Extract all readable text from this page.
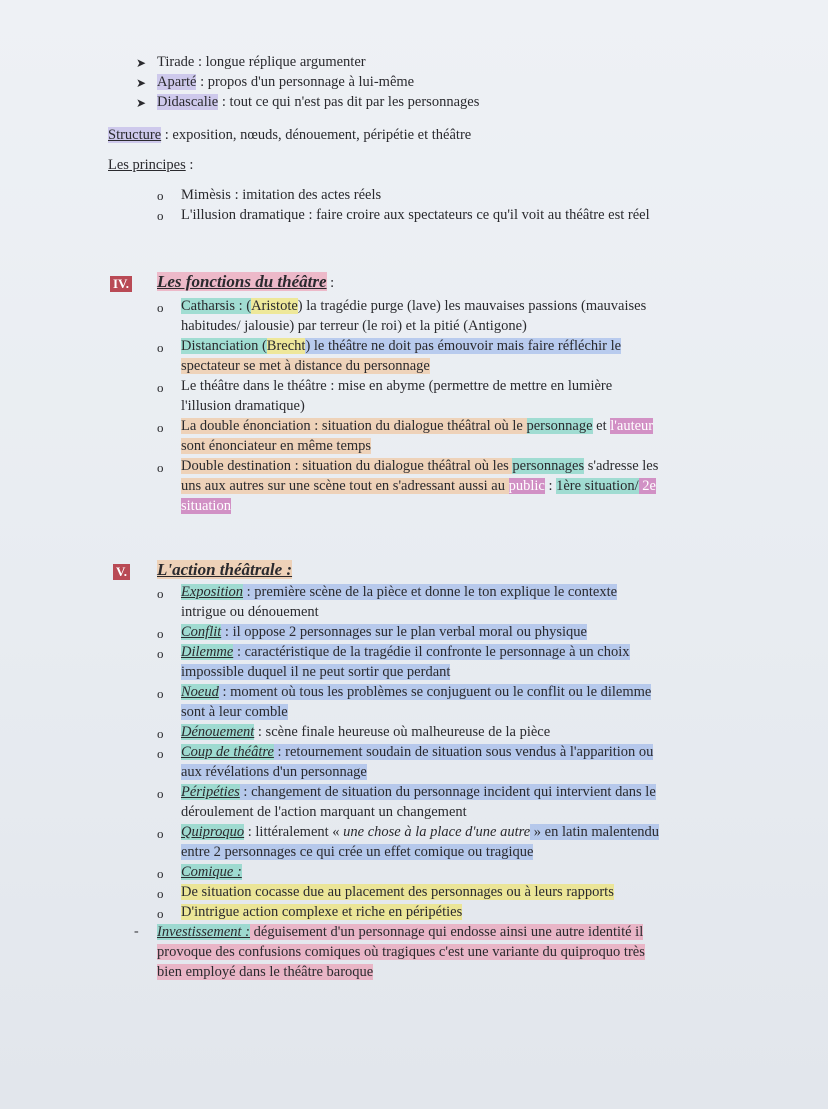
➤ Tirade : longue réplique argumenter
➤ Aparté : propos d'un personnage à lui-même
➤ Didascalie : tout ce qui n'est pas dit par les personnages
Structure : exposition, nœuds, dénouement, péripétie et théâtre
Les principes :
o Mimèsis : imitation des actes réels
o L'illusion dramatique : faire croire aux spectateurs ce qu'il voit au théâtre est réel
IV. Les fonctions du théâtre :
o Catharsis : (Aristote) la tragédie purge (lave) les mauvaises passions (mauvaises
habitudes/ jalousie) par terreur (le roi) et la pitié (Antigone)
o Distanciation (Brecht) le théâtre ne doit pas émouvoir mais faire réfléchir le
spectateur se met à distance du personnage
o Le théâtre dans le théâtre : mise en abyme (permettre de mettre en lumière
l'illusion dramatique)
o La double énonciation : situation du dialogue théâtral où le personnage et l'auteur
sont énonciateur en même temps
o Double destination : situation du dialogue théâtral où les personnages s'adresse les
uns aux autres sur une scène tout en s'adressant aussi au public : 1ère situation/ 2e
situation
V. L'action théâtrale :
o Exposition : première scène de la pièce et donne le ton explique le contexte
intrigue ou dénouement
o Conflit : il oppose 2 personnages sur le plan verbal moral ou physique
o Dilemme : caractéristique de la tragédie il confronte le personnage à un choix
impossible duquel il ne peut sortir que perdant
o Noeud : moment où tous les problèmes se conjuguent ou le conflit ou le dilemme
sont à leur comble
o Dénouement : scène finale heureuse où malheureuse de la pièce
o Coup de théâtre : retournement soudain de situation sous vendus à l'apparition ou
aux révélations d'un personnage
o Péripéties : changement de situation du personnage incident qui intervient dans le
déroulement de l'action marquant un changement
o Quiproquo : littéralement « une chose à la place d'une autre » en latin malentendu
entre 2 personnages ce qui crée un effet comique ou tragique
o Comique :
o De situation cocasse due au placement des personnages ou à leurs rapports
o D'intrigue action complexe et riche en péripéties
- Investissement : déguisement d'un personnage qui endosse ainsi une autre identité il
provoque des confusions comiques où tragiques c'est une variante du quiproquo très
bien employé dans le théâtre baroque
